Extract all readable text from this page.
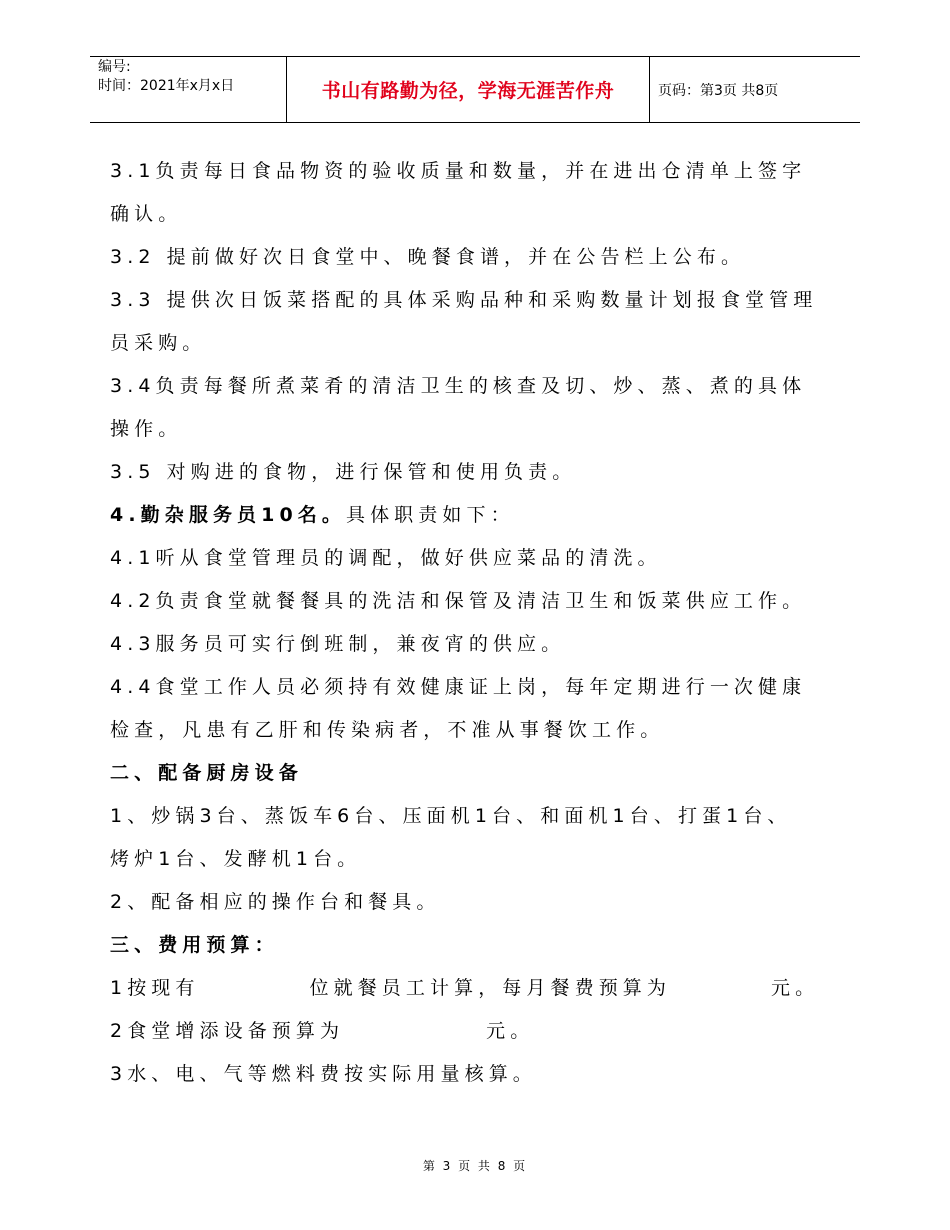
编号:
时间：2021年x月x日	书山有路勤为径，学海无涯苦作舟	页码：第3页 共8页
3.1负责每日食品物资的验收质量和数量，并在进出仓清单上签字
确认。
3.2 提前做好次日食堂中、晚餐食谱，并在公告栏上公布。
3.3 提供次日饭菜搭配的具体采购品种和采购数量计划报食堂管理
员采购。
3.4负责每餐所煮菜肴的清洁卫生的核查及切、炒、蒸、煮的具体
操作。
3.5 对购进的食物，进行保管和使用负责。
4.勤杂服务员10名。具体职责如下：
4.1听从食堂管理员的调配，做好供应菜品的清洗。
4.2负责食堂就餐餐具的洗洁和保管及清洁卫生和饭菜供应工作。
4.3服务员可实行倒班制，兼夜宵的供应。
4.4食堂工作人员必须持有效健康证上岗，每年定期进行一次健康
检查，凡患有乙肝和传染病者，不准从事餐饮工作。
二、配备厨房设备
1、炒锅3台、蒸饭车6台、压面机1台、和面机1台、打蛋1台、
烤炉1台、发酵机1台。
2、配备相应的操作台和餐具。
三、费用预算：
1按现有	位就餐员工计算，每月餐费预算为	元。
2食堂增添设备预算为	元。
3水、电、气等燃料费按实际用量核算。
第 3 页 共 8 页
